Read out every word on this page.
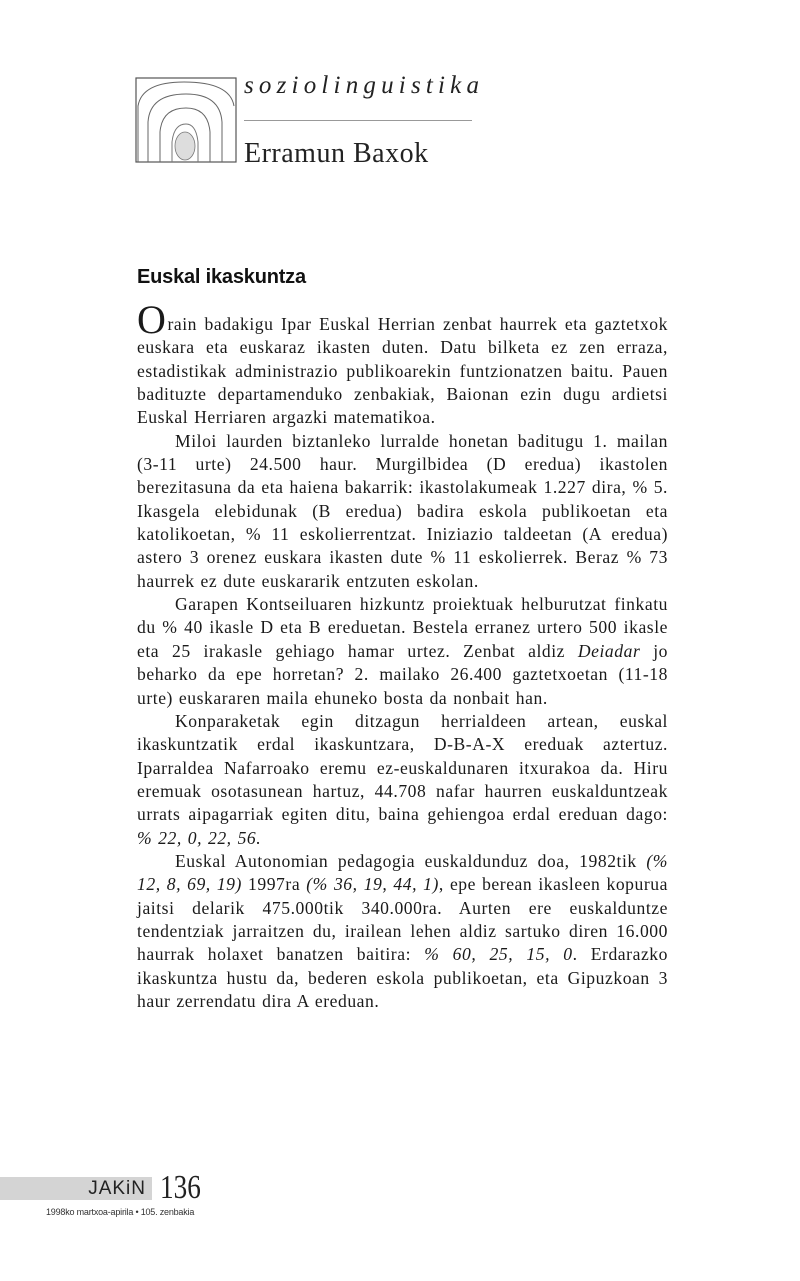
soziolinguistika
Erramun Baxok
Euskal ikaskuntza

Orain badakigu Ipar Euskal Herrian zenbat haurrek eta gaztetxok euskara eta euskaraz ikasten duten. Datu bilketa ez zen erraza, estadistikak administrazio publikoarekin funtzionatzen baitu. Pauen badituzte departamenduko zenbakiak, Baionan ezin dugu ardietsi Euskal Herriaren argazki matematikoa.

Miloi laurden biztanleko lurralde honetan baditugu 1. mailan (3-11 urte) 24.500 haur. Murgilbidea (D eredua) ikastolen berezitasuna da eta haiena bakarrik: ikastolakumeak 1.227 dira, % 5. Ikasgela elebidunak (B eredua) badira eskola publikoetan eta katolikoetan, % 11 eskolierrentzat. Iniziazio taldeetan (A eredua) astero 3 orenez euskara ikasten dute % 11 eskolierrek. Beraz % 73 haurrek ez dute euskararik entzuten eskolan.

Garapen Kontseiluaren hizkuntz proiektuak helburutzat finkatu du % 40 ikasle D eta B ereduetan. Bestela erranez urtero 500 ikasle eta 25 irakasle gehiago hamar urtez. Zenbat aldiz Deiadar jo beharko da epe horretan? 2. mailako 26.400 gaztetxoetan (11-18 urte) euskararen maila ehuneko bosta da nonbait han.

Konparaketak egin ditzagun herrialdeen artean, euskal ikaskuntzatik erdal ikaskuntzara, D-B-A-X ereduak aztertuz. Iparraldea Nafarroako eremu ez-euskaldunaren itxurakoa da. Hiru eremuak osotasunean hartuz, 44.708 nafar haurren euskalduntzeak urrats aipagarriak egiten ditu, baina gehiengoa erdal ereduan dago: % 22, 0, 22, 56.

Euskal Autonomian pedagogia euskaldunduz doa, 1982tik (% 12, 8, 69, 19) 1997ra (% 36, 19, 44, 1), epe berean ikasleen kopurua jaitsi delarik 475.000tik 340.000ra. Aurten ere euskalduntze tendentziak jarraitzen du, irailean lehen aldiz sartuko diren 16.000 haurrak holaxet banatzen baitira: % 60, 25, 15, 0. Erdarazko ikaskuntza hustu da, bederen eskola publikoetan, eta Gipuzkoan 3 haur zerrendatu dira A ereduan.

JAKiN 136
1998ko martxoa-apirila • 105. zenbakia
